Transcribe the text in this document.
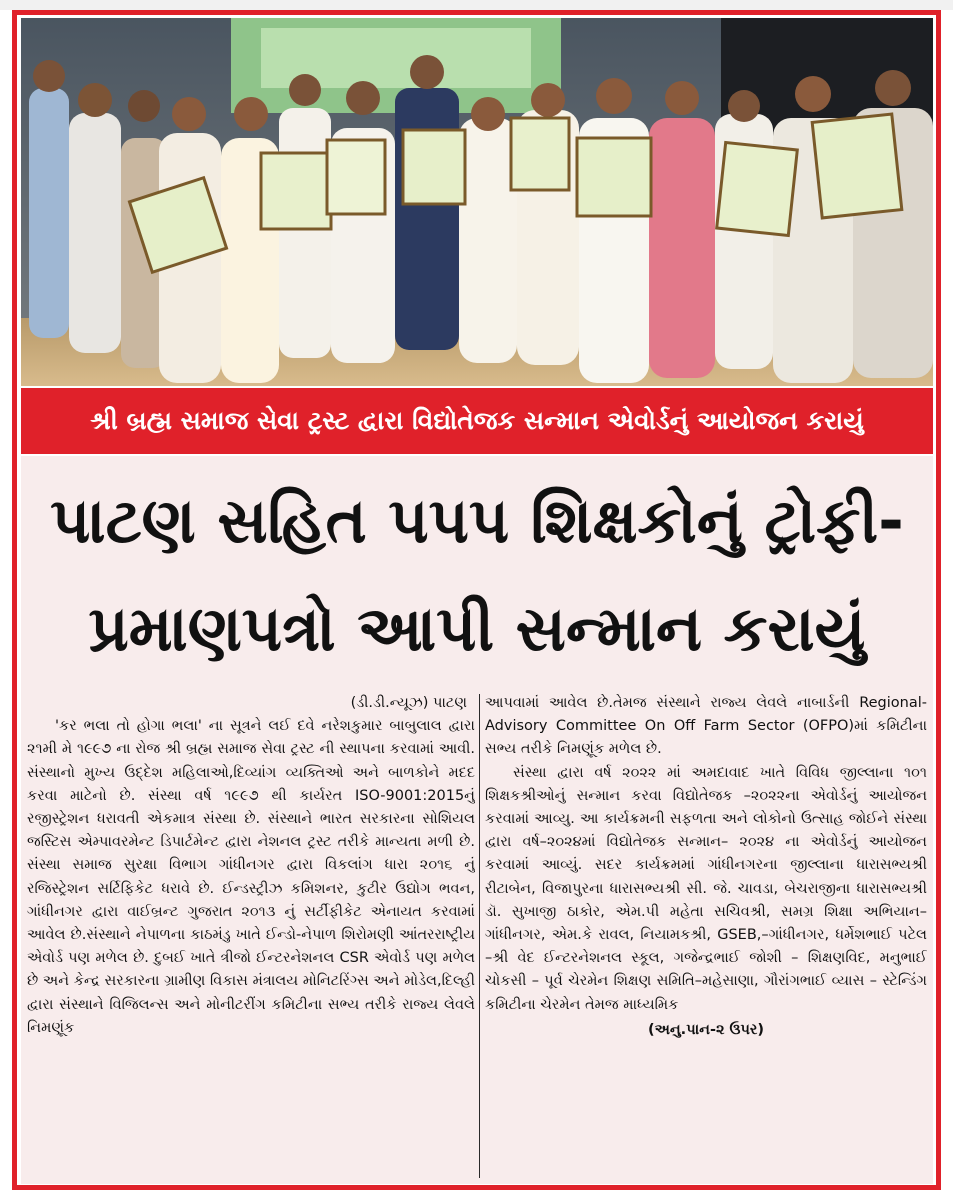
શ્રી બ્રહ્મ સમાજ સેવા ટ્રસ્ટ દ્વારા વિદ્યોતેજક સન્માન એવોર્ડનું આયોજન કરાયું
પાટણ સહિત પપપ શિક્ષકોનું ટ્રોફી-
પ્રમાણપત્રો આપી સન્માન કરાયું
(ડી.ડી.ન્યૂઝ) પાટણ

'કર ભલા તો હોગા ભલા' ના સૂત્રને લઈ દવે નરેશકુમાર બાબુલાલ દ્વારા ૨૧મી મે ૧૯૯૭ ના રોજ શ્રી બ્રહ્મ સમાજ સેવા ટ્રસ્ટ ની સ્થાપના કરવામાં આવી. સંસ્થાનો મુખ્ય ઉદ્દેશ મહિલાઓ,દિવ્યાંગ વ્યક્તિઓ અને બાળકોને મદદ કરવા માટેનો છે. સંસ્થા વર્ષ ૧૯૯૭ થી કાર્યરત ISO-9001:2015નું રજીસ્ટ્રેશન ધરાવતી એકમાત્ર સંસ્થા છે. સંસ્થાને ભારત સરકારના સોશિયલ જસ્ટિસ એમ્પાવરમેન્ટ ડિપાર્ટમેન્ટ દ્વારા નેશનલ ટ્રસ્ટ તરીકે માન્યતા મળી છે. સંસ્થા સમાજ સુરક્ષા વિભાગ ગાંધીનગર દ્વારા વિકલાંગ ધારા ૨૦૧૬ નું રજિસ્ટ્રેશન સર્ટિફિકેટ ધરાવે છે. ઈન્ડસ્ટ્રીઝ કમિશનર, કુટીર ઉદ્યોગ ભવન, ગાંધીનગર દ્વારા વાઈબ્રન્ટ ગુજરાત ૨૦૧૩ નું સર્ટીફીકેટ એનાયત કરવામાં આવેલ છે.સંસ્થાને નેપાળના કાઠમંડુ ખાતે ઈન્ડો-નેપાળ શિરોમણી આંતરરાષ્ટ્રીય એવોર્ડ પણ મળેલ છે. દુબઈ ખાતે ત્રીજો ઈન્ટરનેશનલ CSR એવોર્ડ પણ મળેલ છે અને કેન્દ્ર સરકારના ગ્રામીણ વિકાસ મંત્રાલય મોનિટરિંગ્સ અને મોડેલ,દિલ્હી દ્વારા સંસ્થાને વિજિલન્સ અને મોનીટરીંગ કમિટીના સભ્ય તરીકે રાજ્ય લેવલે નિમણૂંક

આપવામાં આવેલ છે.તેમજ સંસ્થાને રાજ્ય લેવલે નાબાર્ડની Regional- Advisory Committee On Off Farm Sector (OFPO)માં કમિટીના સભ્ય તરીકે નિમણૂંક મળેલ છે.

સંસ્થા દ્વારા વર્ષ ૨૦૨૨ માં અમદાવાદ ખાતે વિવિધ જીલ્લાના ૧૦૧ શિક્ષકશ્રીઓનું સન્માન કરવા વિદ્યોતેજક –૨૦૨૨ના એવોર્ડનું આયોજન કરવામાં આવ્યુ. આ કાર્યક્રમની સફળતા અને લોકોનો ઉત્સાહ જોઈને સંસ્થા દ્વારા વર્ષ–૨૦૨૪માં વિદ્યોતેજક સન્માન– ૨૦૨૪ ના એવોર્ડનું આયોજન કરવામાં આવ્યું. સદર કાર્યક્રમમાં ગાંધીનગરના જીલ્લાના ધારાસભ્યશ્રી રીટાબેન, વિજાપુરના ધારાસભ્યશ્રી સી. જે. ચાવડા, બેચરાજીના ધારાસભ્યશ્રી ડૉ. સુખાજી ઠાકોર, એમ.પી મહેતા સચિવશ્રી, સમગ્ર શિક્ષા અભિયાન–ગાંધીનગર, એમ.કે રાવલ, નિયામકશ્રી, GSEB,–ગાંધીનગર, ધર્મેશભાઈ પટેલ –શ્રી વેદ ઈન્ટરનેશનલ સ્કૂલ, ગજેન્દ્રભાઈ જોશી – શિક્ષણવિદ, મનુભાઈ ચોકસી – પૂર્વ ચેરમેન શિક્ષણ સમિતિ–મહેસાણા, ગૌરાંગભાઈ વ્યાસ – સ્ટેન્ડિંગ કમિટીના ચેરમેન તેમજ માધ્યમિક

(અનુ.પાન-૨ ઉપર)
